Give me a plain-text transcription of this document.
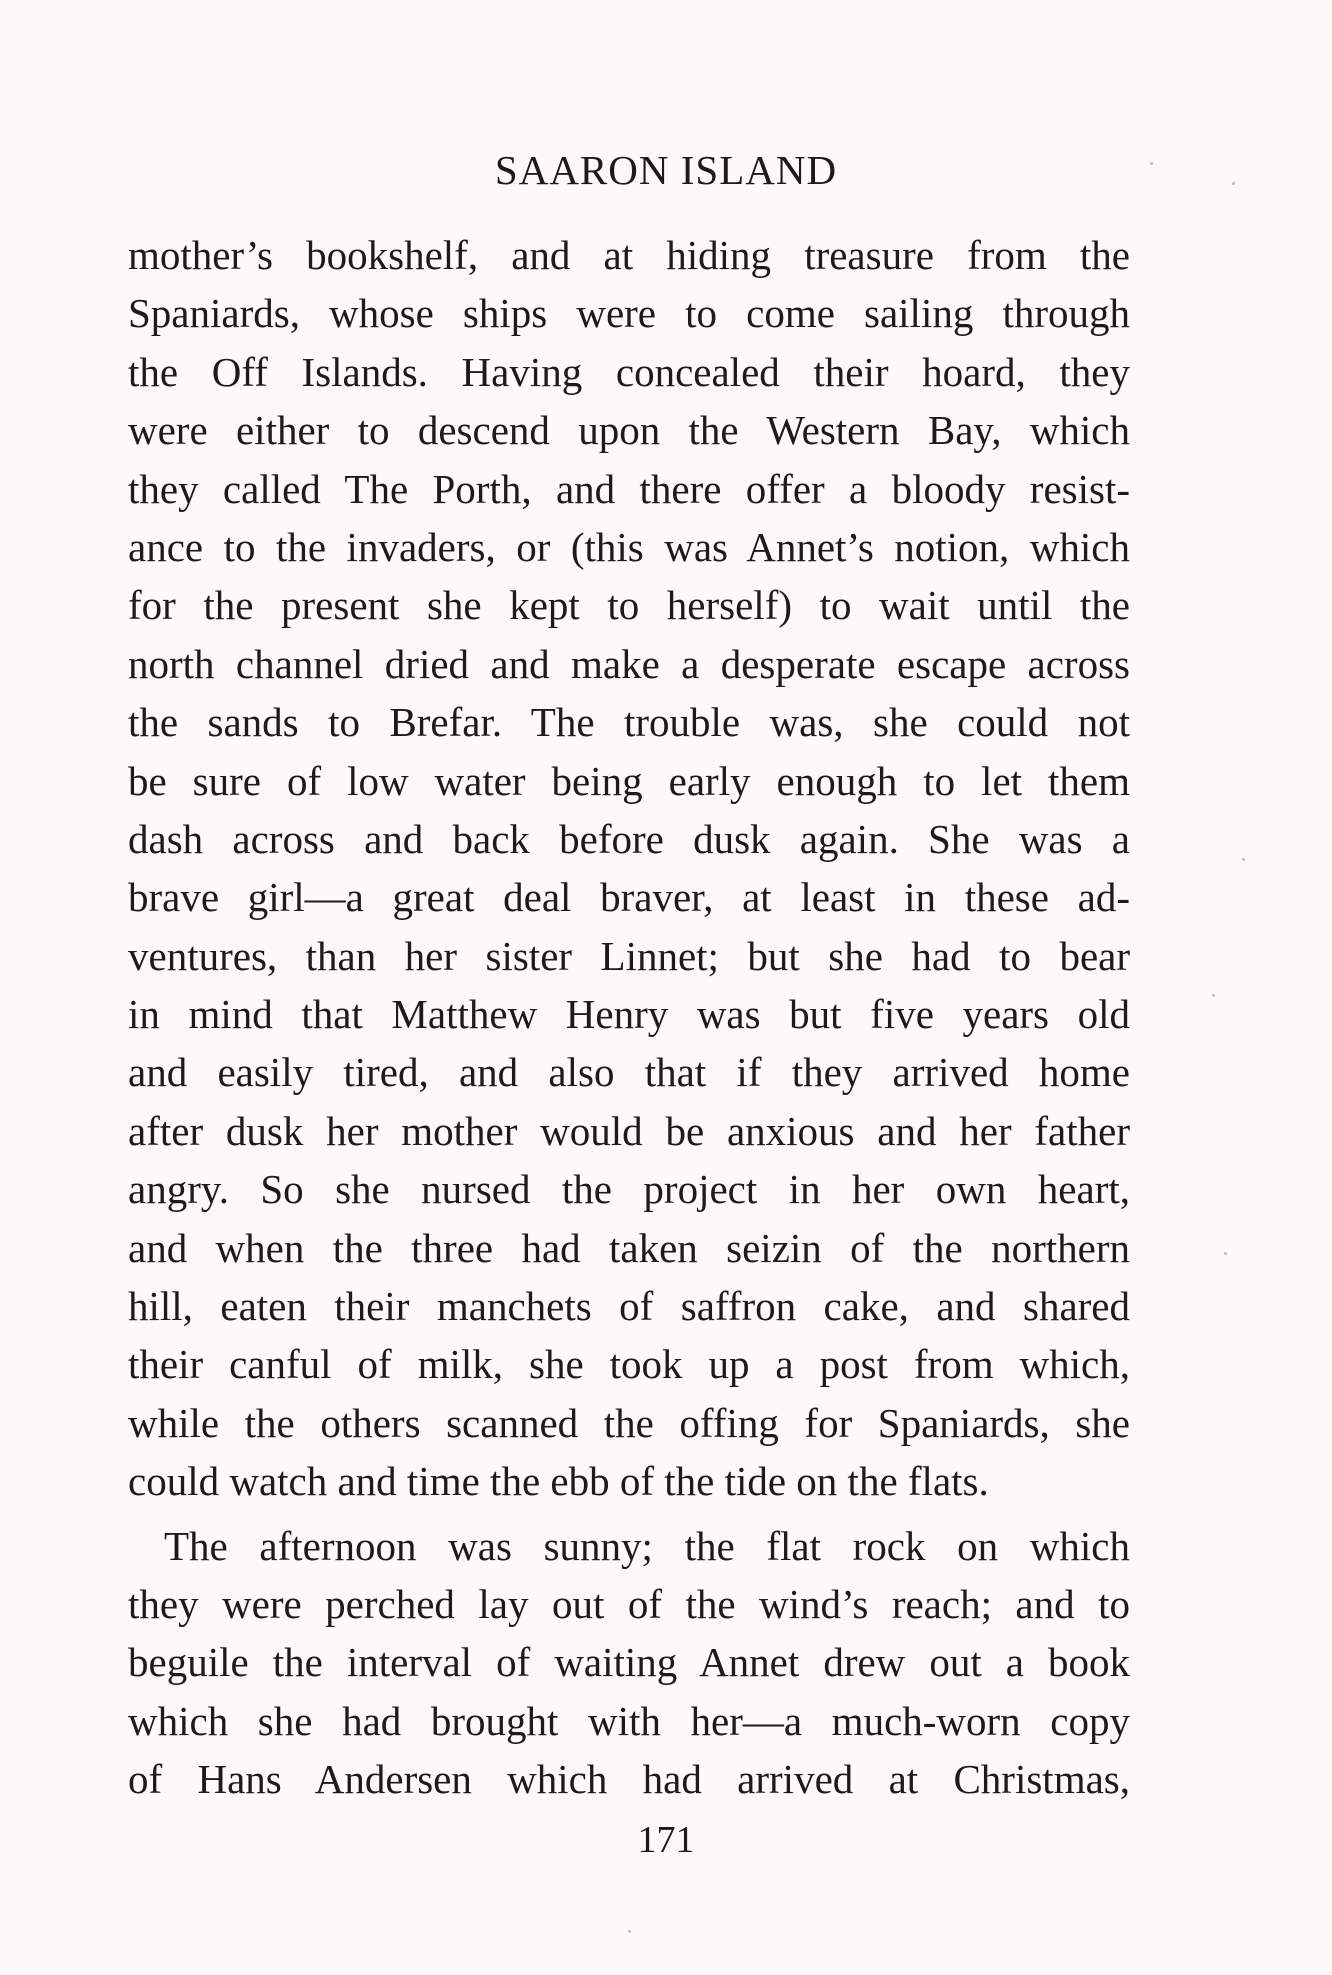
SAARON ISLAND
mother’s bookshelf, and at hiding treasure from the
Spaniards, whose ships were to come sailing through
the Off Islands. Having concealed their hoard, they
were either to descend upon the Western Bay, which
they called The Porth, and there offer a bloody resist-
ance to the invaders, or (this was Annet’s notion, which
for the present she kept to herself) to wait until the
north channel dried and make a desperate escape across
the sands to Brefar. The trouble was, she could not
be sure of low water being early enough to let them
dash across and back before dusk again. She was a
brave girl—a great deal braver, at least in these ad-
ventures, than her sister Linnet; but she had to bear
in mind that Matthew Henry was but five years old
and easily tired, and also that if they arrived home
after dusk her mother would be anxious and her father
angry. So she nursed the project in her own heart,
and when the three had taken seizin of the northern
hill, eaten their manchets of saffron cake, and shared
their canful of milk, she took up a post from which,
while the others scanned the offing for Spaniards, she
could watch and time the ebb of the tide on the flats.
The afternoon was sunny; the flat rock on which
they were perched lay out of the wind’s reach; and to
beguile the interval of waiting Annet drew out a book
which she had brought with her—a much-worn copy
of Hans Andersen which had arrived at Christmas,
171
